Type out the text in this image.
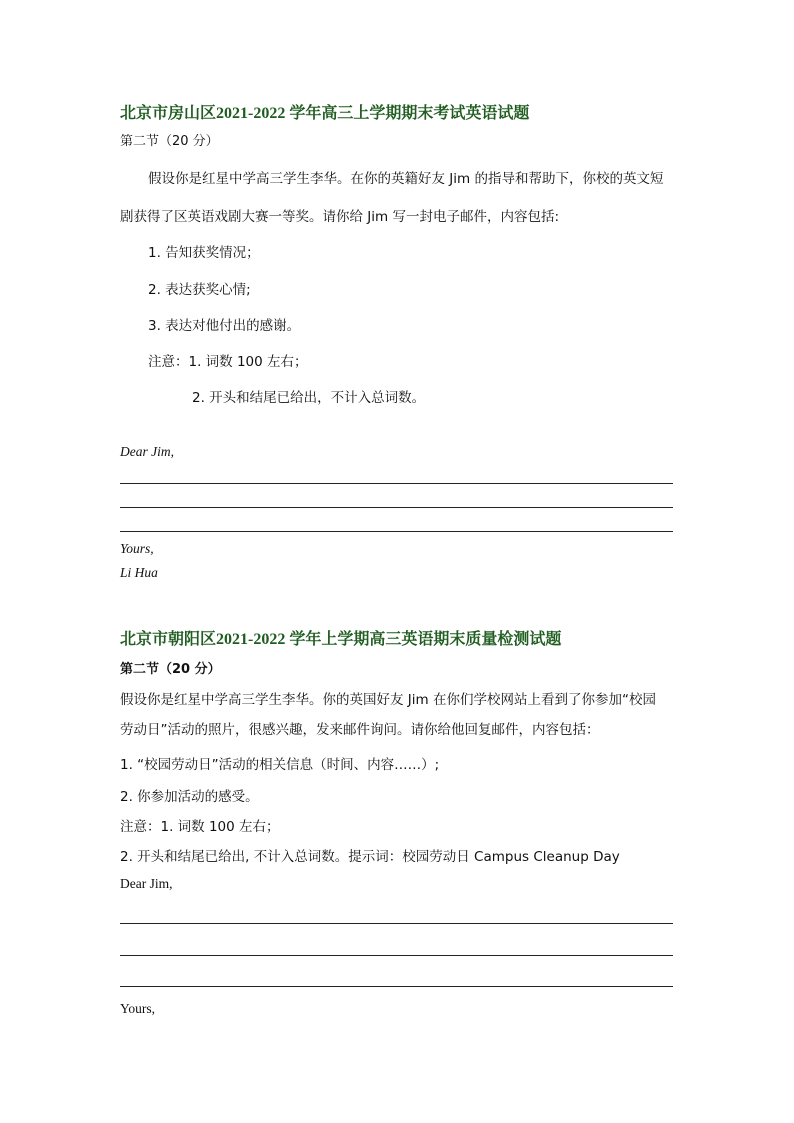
北京市房山区2021-2022 学年高三上学期期末考试英语试题
第二节（20 分）
假设你是红星中学高三学生李华。在你的英籍好友 Jim 的指导和帮助下，你校的英文短
剧获得了区英语戏剧大赛一等奖。请你给 Jim 写一封电子邮件，内容包括:
1. 告知获奖情况；
2. 表达获奖心情;
3. 表达对他付出的感谢。
注意：1. 词数 100 左右；
2. 开头和结尾已给出，不计入总词数。
Dear Jim,
Yours,
Li Hua
北京市朝阳区2021-2022 学年上学期高三英语期末质量检测试题
第二节（20 分）
假设你是红星中学高三学生李华。你的英国好友 Jim 在你们学校网站上看到了你参加“校园
劳动日”活动的照片，很感兴趣，发来邮件询问。请你给他回复邮件，内容包括：
1. “校园劳动日”活动的相关信息（时间、内容……）;
2. 你参加活动的感受。
注意：1. 词数 100 左右；
2. 开头和结尾已给出, 不计入总词数。提示词：校园劳动日 Campus Cleanup Day
Dear Jim,
Yours,
